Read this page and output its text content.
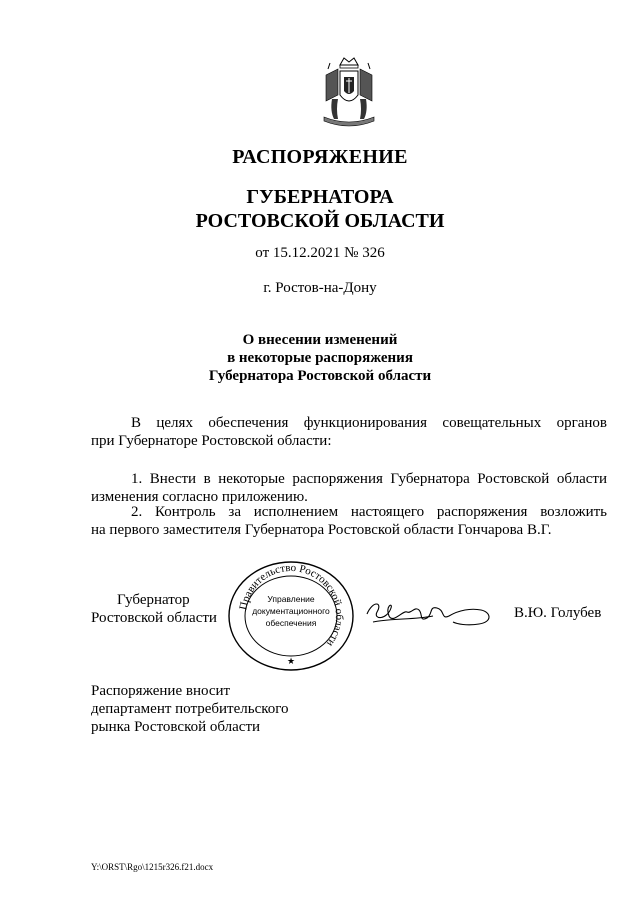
РАСПОРЯЖЕНИЕ
ГУБЕРНАТОРА
РОСТОВСКОЙ ОБЛАСТИ
от 15.12.2021 № 326
г. Ростов-на-Дону
О внесении изменений
в некоторые распоряжения
Губернатора Ростовской области
В целях обеспечения функционирования совещательных органов
при Губернаторе Ростовской области:
1. Внести в некоторые распоряжения Губернатора Ростовской области
изменения согласно приложению.
2. Контроль за исполнением настоящего распоряжения возложить
на первого заместителя Губернатора Ростовской области Гончарова В.Г.
Губернатор
Ростовской области
Правительство Ростовской области
Управление
документационного
обеспечения
★
В.Ю. Голубев
Распоряжение вносит
департамент потребительского
рынка Ростовской области
Y:\ORST\Rgo\1215r326.f21.docx
